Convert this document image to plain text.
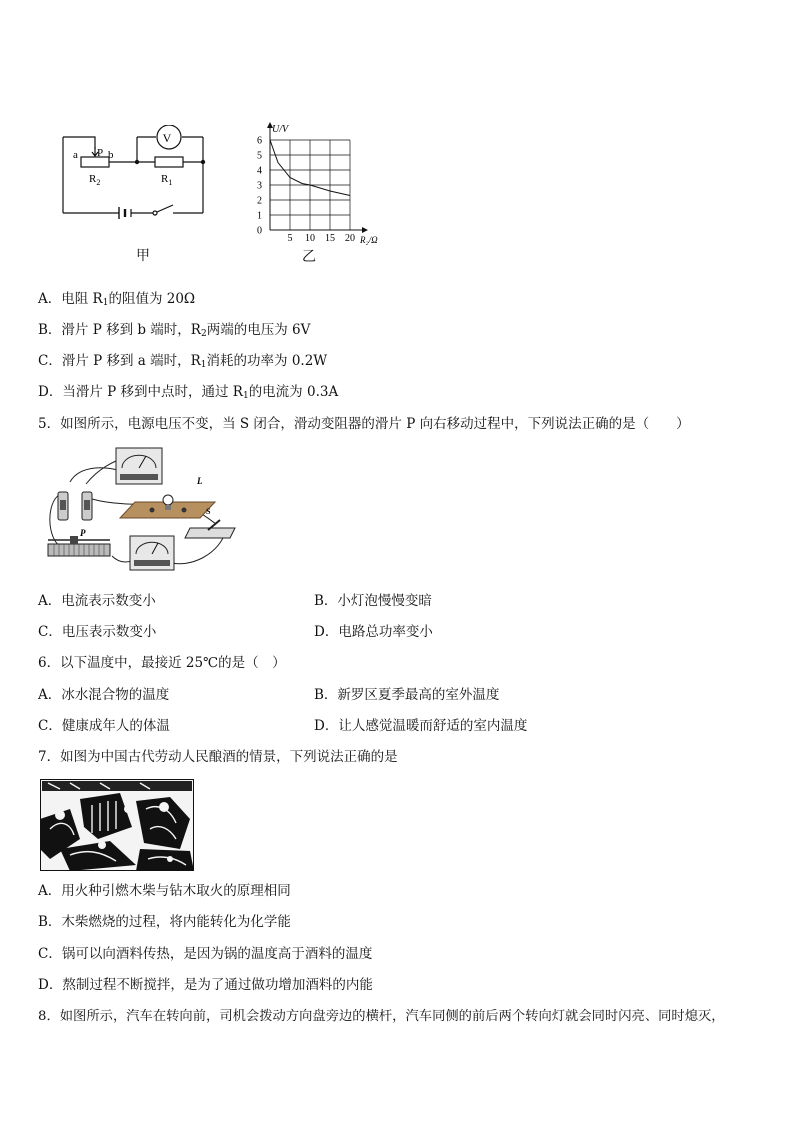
V
a P b
$R_2$	$R_1$
甲
0
1
2
3
4
5
6
5 10 15 20
U/V
R₂/Ω
乙
A．电阻 $R_1$的阻值为 20Ω
B．滑片 P 移到 b 端时，$R_2$两端的电压为 6V
C．滑片 P 移到 a 端时，$R_1$消耗的功率为 0.2W
D．当滑片 P 移到中点时，通过 $R_1$的电流为 0.3A
5．如图所示，电源电压不变，当 S 闭合，滑动变阻器的滑片 P 向右移动过程中，下列说法正确的是（　　）
L
S
P
A．电流表示数变小	B．小灯泡慢慢变暗
C．电压表示数变小	D．电路总功率变小
6．以下温度中，最接近 25℃的是（　）
A．冰水混合物的温度	B．新罗区夏季最高的室外温度
C．健康成年人的体温	D．让人感觉温暖而舒适的室内温度
7．如图为中国古代劳动人民酿酒的情景，下列说法正确的是
A．用火种引燃木柴与钻木取火的原理相同
B．木柴燃烧的过程，将内能转化为化学能
C．锅可以向酒料传热，是因为锅的温度高于酒料的温度
D．熬制过程不断搅拌，是为了通过做功增加酒料的内能
8．如图所示，汽车在转向前，司机会拨动方向盘旁边的横杆，汽车同侧的前后两个转向灯就会同时闪亮、同时熄灭，
